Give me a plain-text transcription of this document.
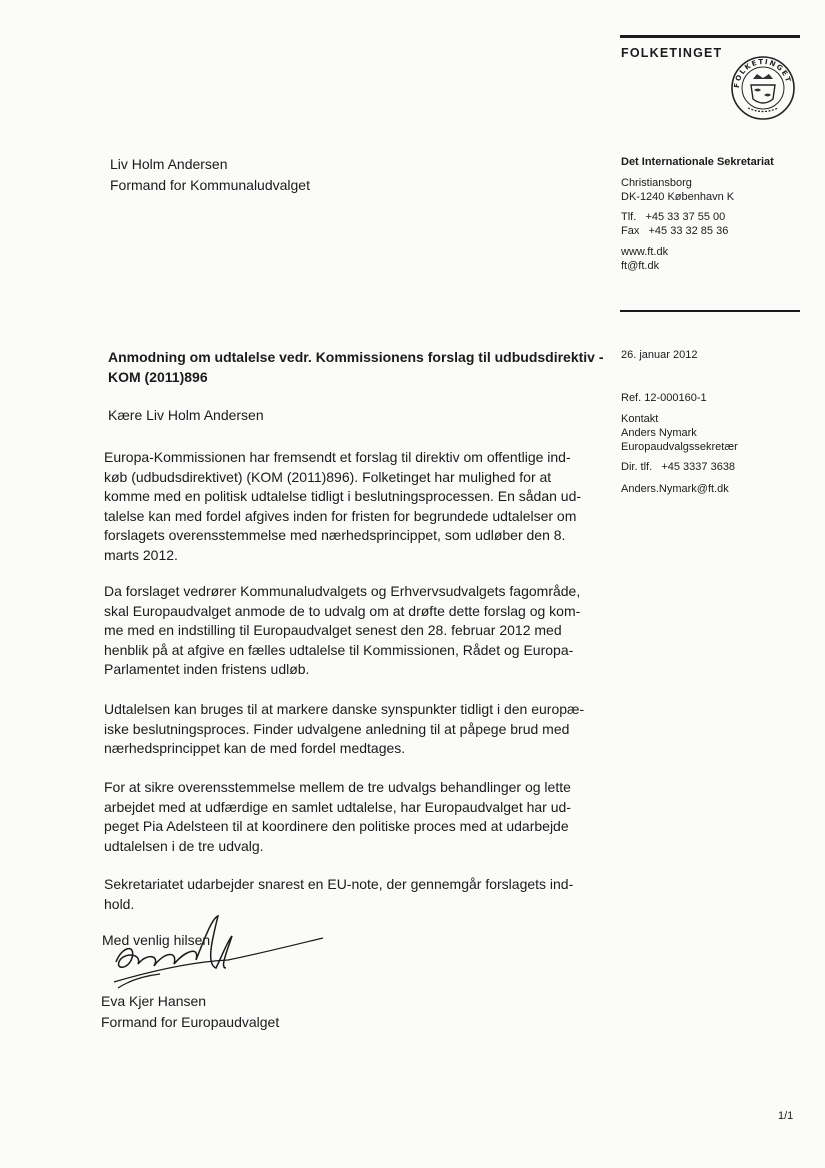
FOLKETINGET
FOLKETINGET
Det Internationale Sekretariat
Christiansborg
DK-1240 København K
Tlf.   +45 33 37 55 00
Fax   +45 33 32 85 36
www.ft.dk
ft@ft.dk
Liv Holm Andersen
Formand for Kommunaludvalget
26. januar 2012
Ref. 12-000160-1
Kontakt
Anders Nymark
Europaudvalgssekretær
Dir. tlf.   +45 3337 3638
Anders.Nymark@ft.dk
Anmodning om udtalelse vedr. Kommissionens forslag til udbudsdirektiv -
KOM (2011)896
Kære Liv Holm Andersen
Europa-Kommissionen har fremsendt et forslag til direktiv om offentlige ind-
køb (udbudsdirektivet) (KOM (2011)896). Folketinget har mulighed for at
komme med en politisk udtalelse tidligt i beslutningsprocessen. En sådan ud-
talelse kan med fordel afgives inden for fristen for begrundede udtalelser om
forslagets overensstemmelse med nærhedsprincippet, som udløber den 8.
marts 2012.
Da forslaget vedrører Kommunaludvalgets og Erhvervsudvalgets fagområde,
skal Europaudvalget anmode de to udvalg om at drøfte dette forslag og kom-
me med en indstilling til Europaudvalget senest den 28. februar 2012 med
henblik på at afgive en fælles udtalelse til Kommissionen, Rådet og Europa-
Parlamentet inden fristens udløb.
Udtalelsen kan bruges til at markere danske synspunkter tidligt i den europæ-
iske beslutningsproces. Finder udvalgene anledning til at påpege brud med
nærhedsprincippet kan de med fordel medtages.
For at sikre overensstemmelse mellem de tre udvalgs behandlinger og lette
arbejdet med at udfærdige en samlet udtalelse, har Europaudvalget har ud-
peget Pia Adelsteen til at koordinere den politiske proces med at udarbejde
udtalelsen i de tre udvalg.
Sekretariatet udarbejder snarest en EU-note, der gennemgår forslagets ind-
hold.
Med venlig hilsen
Eva Kjer Hansen
Formand for Europaudvalget
1/1
